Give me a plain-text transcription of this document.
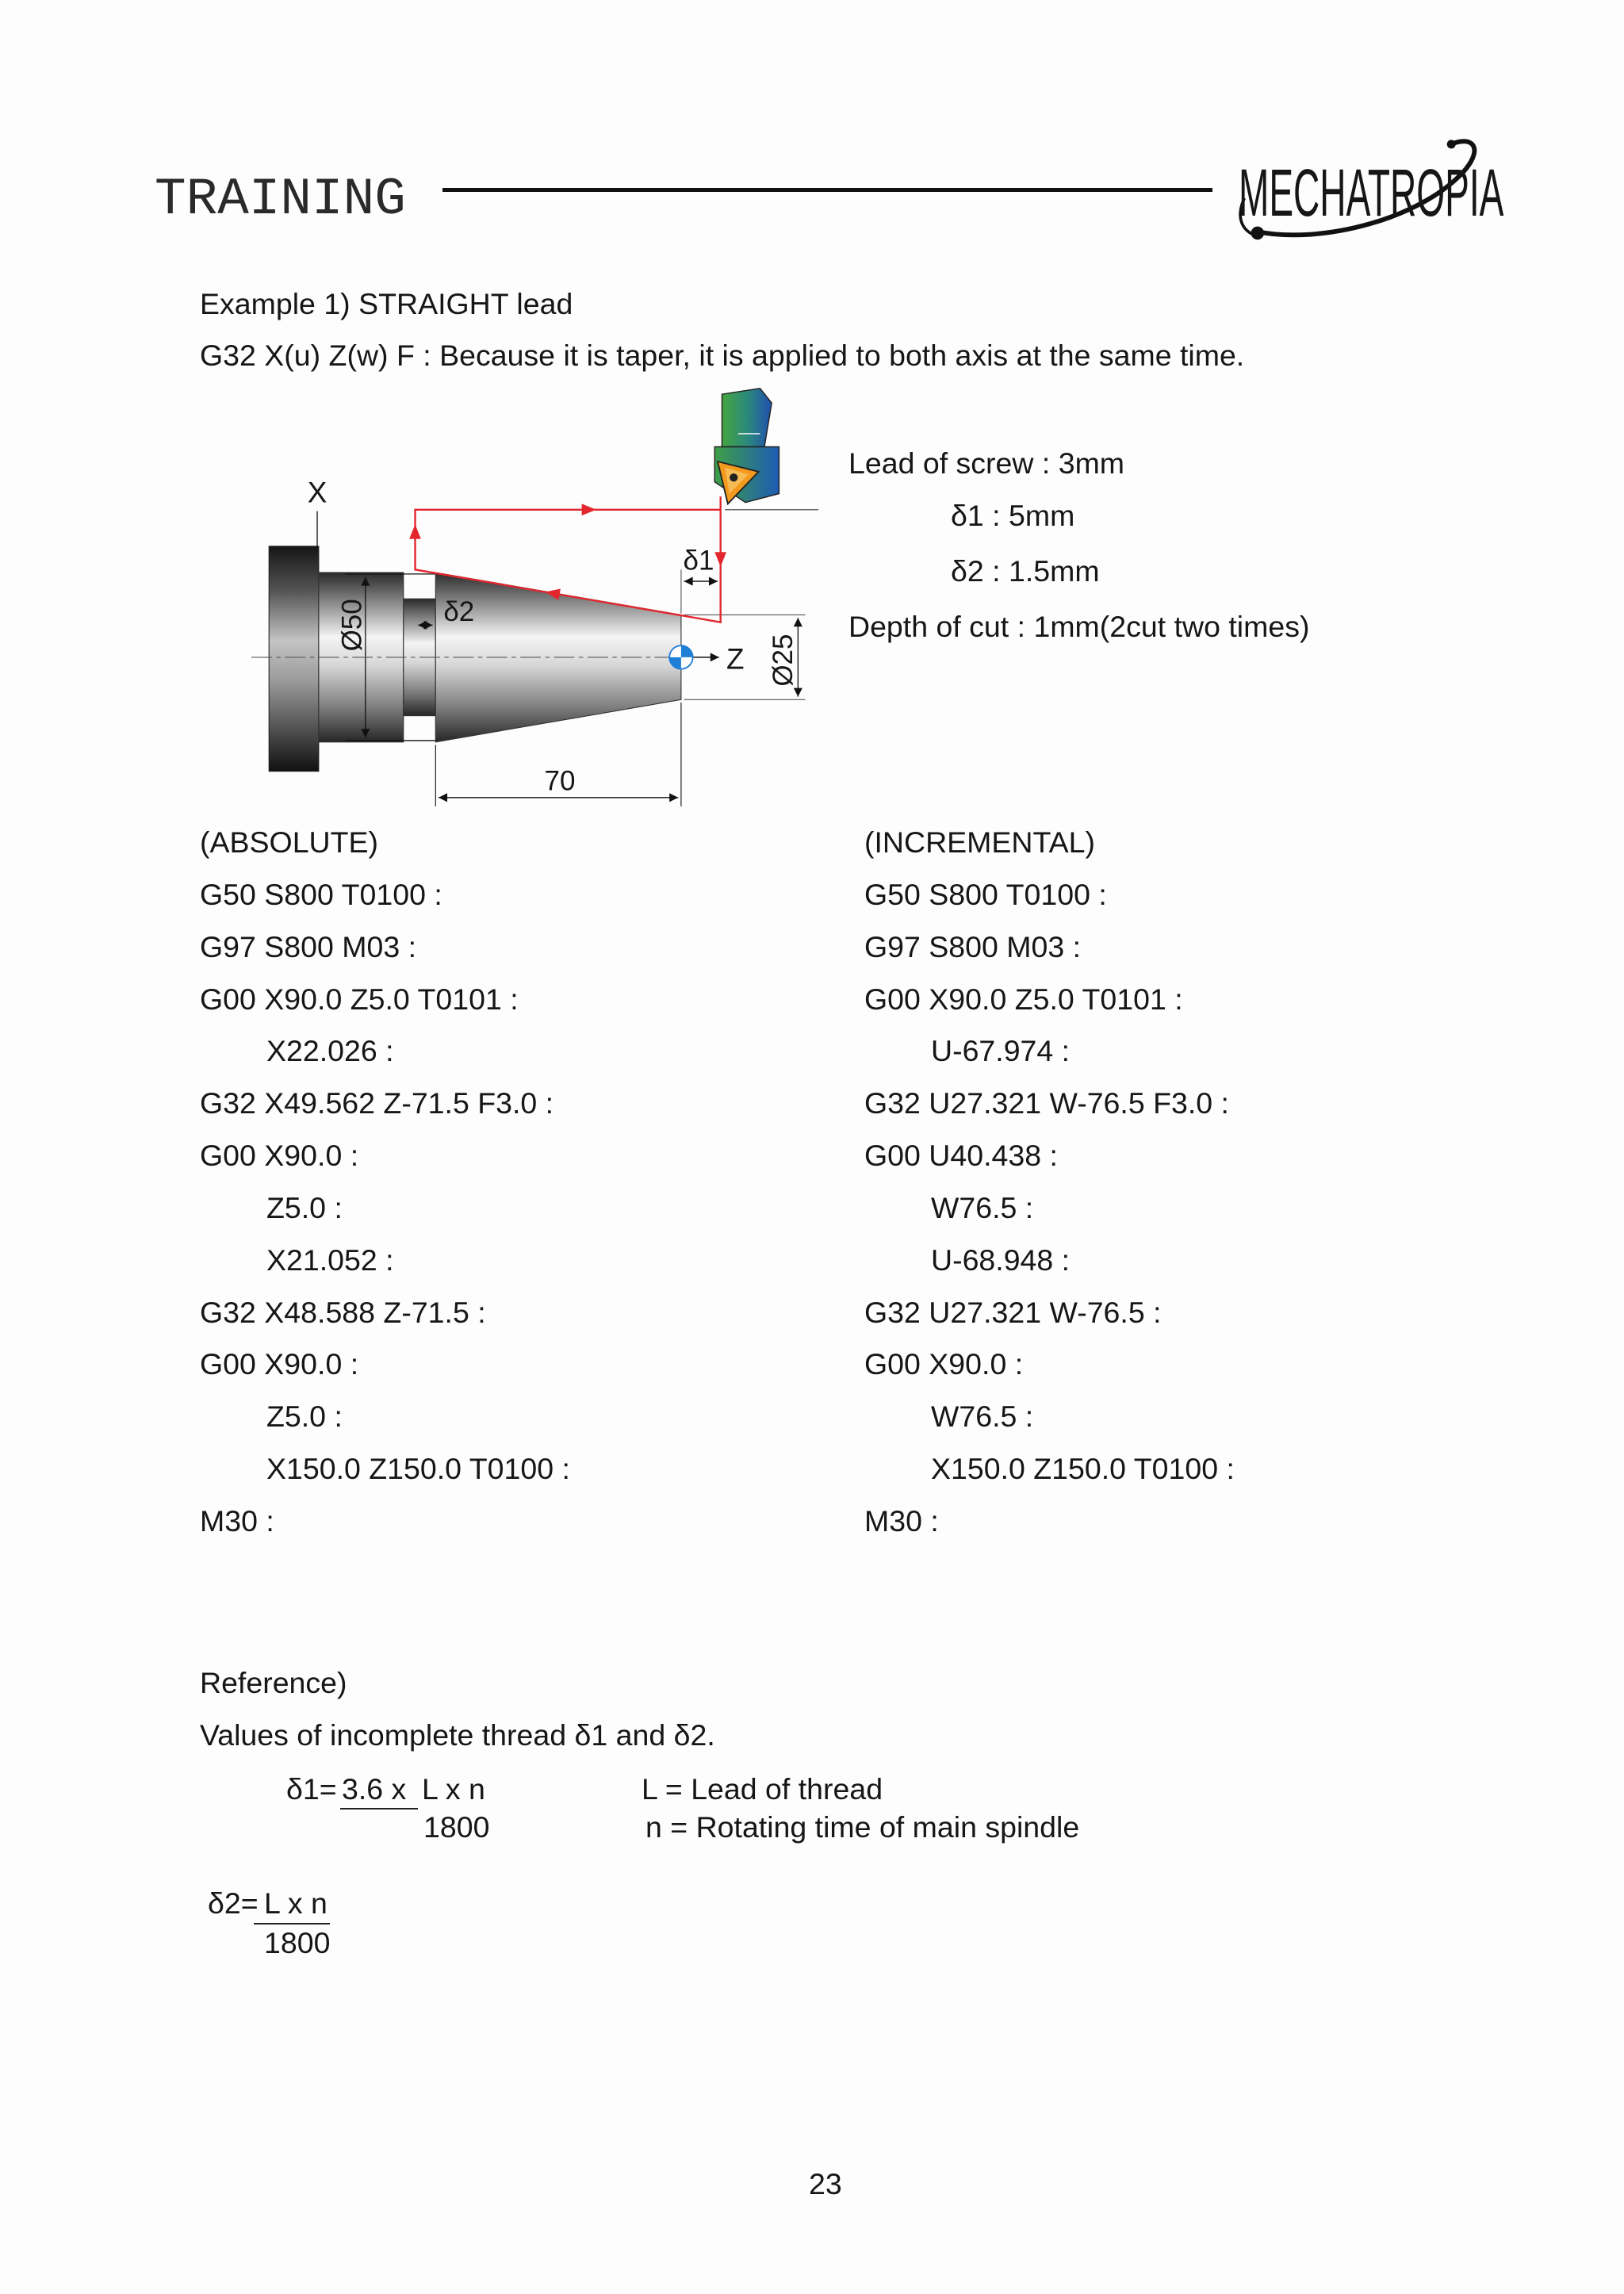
TRAINING	MECHATROPIA
Example 1) STRAIGHT lead
G32 X(u) Z(w) F : Because it is taper, it is applied to both axis at the same time.
Ø50
X
Z Ø25
70
δ1
δ2
Lead of screw : 3mm
δ1 : 5mm
δ2 : 1.5mm
Depth of cut : 1mm(2cut two times)
(ABSOLUTE)
G50 S800 T0100 :
G97 S800 M03 :
G00 X90.0 Z5.0 T0101 :
X22.026 :
G32 X49.562 Z-71.5 F3.0 :
G00 X90.0 :
Z5.0 :
X21.052 :
G32 X48.588 Z-71.5 :
G00 X90.0 :
Z5.0 :
X150.0 Z150.0 T0100 :
M30 :
(INCREMENTAL)
G50 S800 T0100 :
G97 S800 M03 :
G00 X90.0 Z5.0 T0101 :
U-67.974 :
G32 U27.321 W-76.5 F3.0 :
G00 U40.438 :
W76.5 :
U-68.948 :
G32 U27.321 W-76.5 :
G00 X90.0 :
W76.5 :
X150.0 Z150.0 T0100 :
M30 :
Reference)
Values of incomplete thread δ1 and δ2.
δ1= 3.6 x L x n
1800
L = Lead of thread
n = Rotating time of main spindle
δ2= L x n
1800
23
